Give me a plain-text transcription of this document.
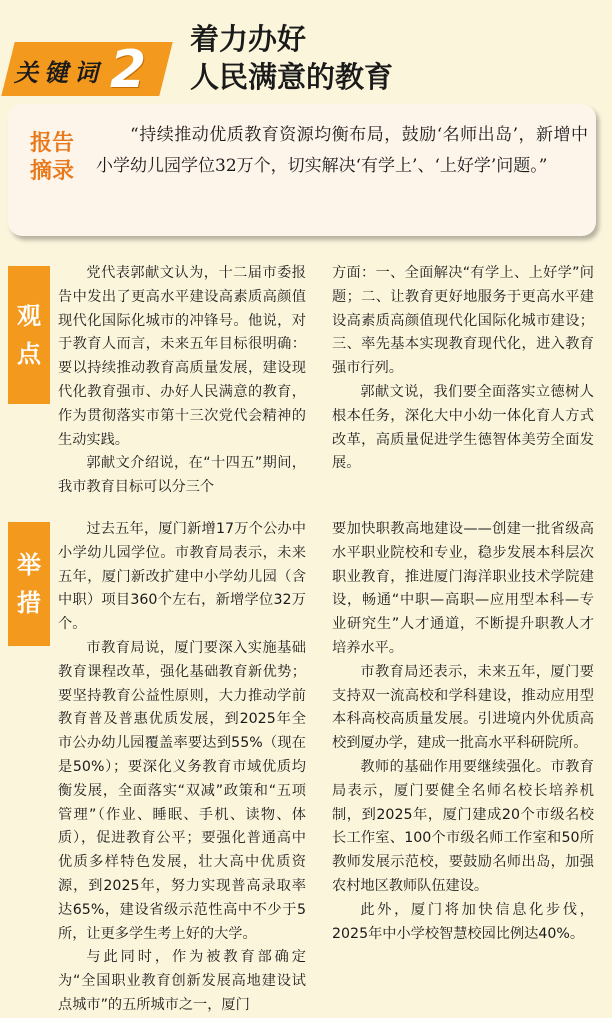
关键词 2
着力办好
人民满意的教育
报告
摘录
“持续推动优质教育资源均衡布局，鼓励‘名师出岛’，新增中小学幼儿园学位32万个，切实解决‘有学上’、‘上好学’问题。”
观
点

党代表郭献文认为，十二届市委报告中发出了更高水平建设高素质高颜值现代化国际化城市的冲锋号。他说，对于教育人而言，未来五年目标很明确：要以持续推动教育高质量发展，建设现代化教育强市、办好人民满意的教育，作为贯彻落实市第十三次党代会精神的生动实践。

郭献文介绍说，在“十四五”期间，我市教育目标可以分三个

方面：一、全面解决“有学上、上好学”问题；二、让教育更好地服务于更高水平建设高素质高颜值现代化国际化城市建设；三、率先基本实现教育现代化，进入教育强市行列。

郭献文说，我们要全面落实立德树人根本任务，深化大中小幼一体化育人方式改革，高质量促进学生德智体美劳全面发展。

举
措

过去五年，厦门新增17万个公办中小学幼儿园学位。市教育局表示，未来五年，厦门新改扩建中小学幼儿园（含中职）项目360个左右，新增学位32万个。

市教育局说，厦门要深入实施基础教育课程改革，强化基础教育新优势；要坚持教育公益性原则，大力推动学前教育普及普惠优质发展，到2025年全市公办幼儿园覆盖率要达到55%（现在是50%）；要深化义务教育市域优质均衡发展，全面落实“双减”政策和“五项管理”（作业、睡眠、手机、读物、体质），促进教育公平；要强化普通高中优质多样特色发展，壮大高中优质资源，到2025年，努力实现普高录取率达65%，建设省级示范性高中不少于5所，让更多学生考上好的大学。

与此同时，作为被教育部确定为“全国职业教育创新发展高地建设试点城市”的五所城市之一，厦门

要加快职教高地建设——创建一批省级高水平职业院校和专业，稳步发展本科层次职业教育，推进厦门海洋职业技术学院建设，畅通“中职—高职—应用型本科—专业研究生”人才通道，不断提升职教人才培养水平。

市教育局还表示，未来五年，厦门要支持双一流高校和学科建设，推动应用型本科高校高质量发展。引进境内外优质高校到厦办学，建成一批高水平科研院所。

教师的基础作用要继续强化。市教育局表示，厦门要健全名师名校长培养机制，到2025年，厦门建成20个市级名校长工作室、100个市级名师工作室和50所教师发展示范校，要鼓励名师出岛，加强农村地区教师队伍建设。

此外，厦门将加快信息化步伐，2025年中小学校智慧校园比例达40%。
